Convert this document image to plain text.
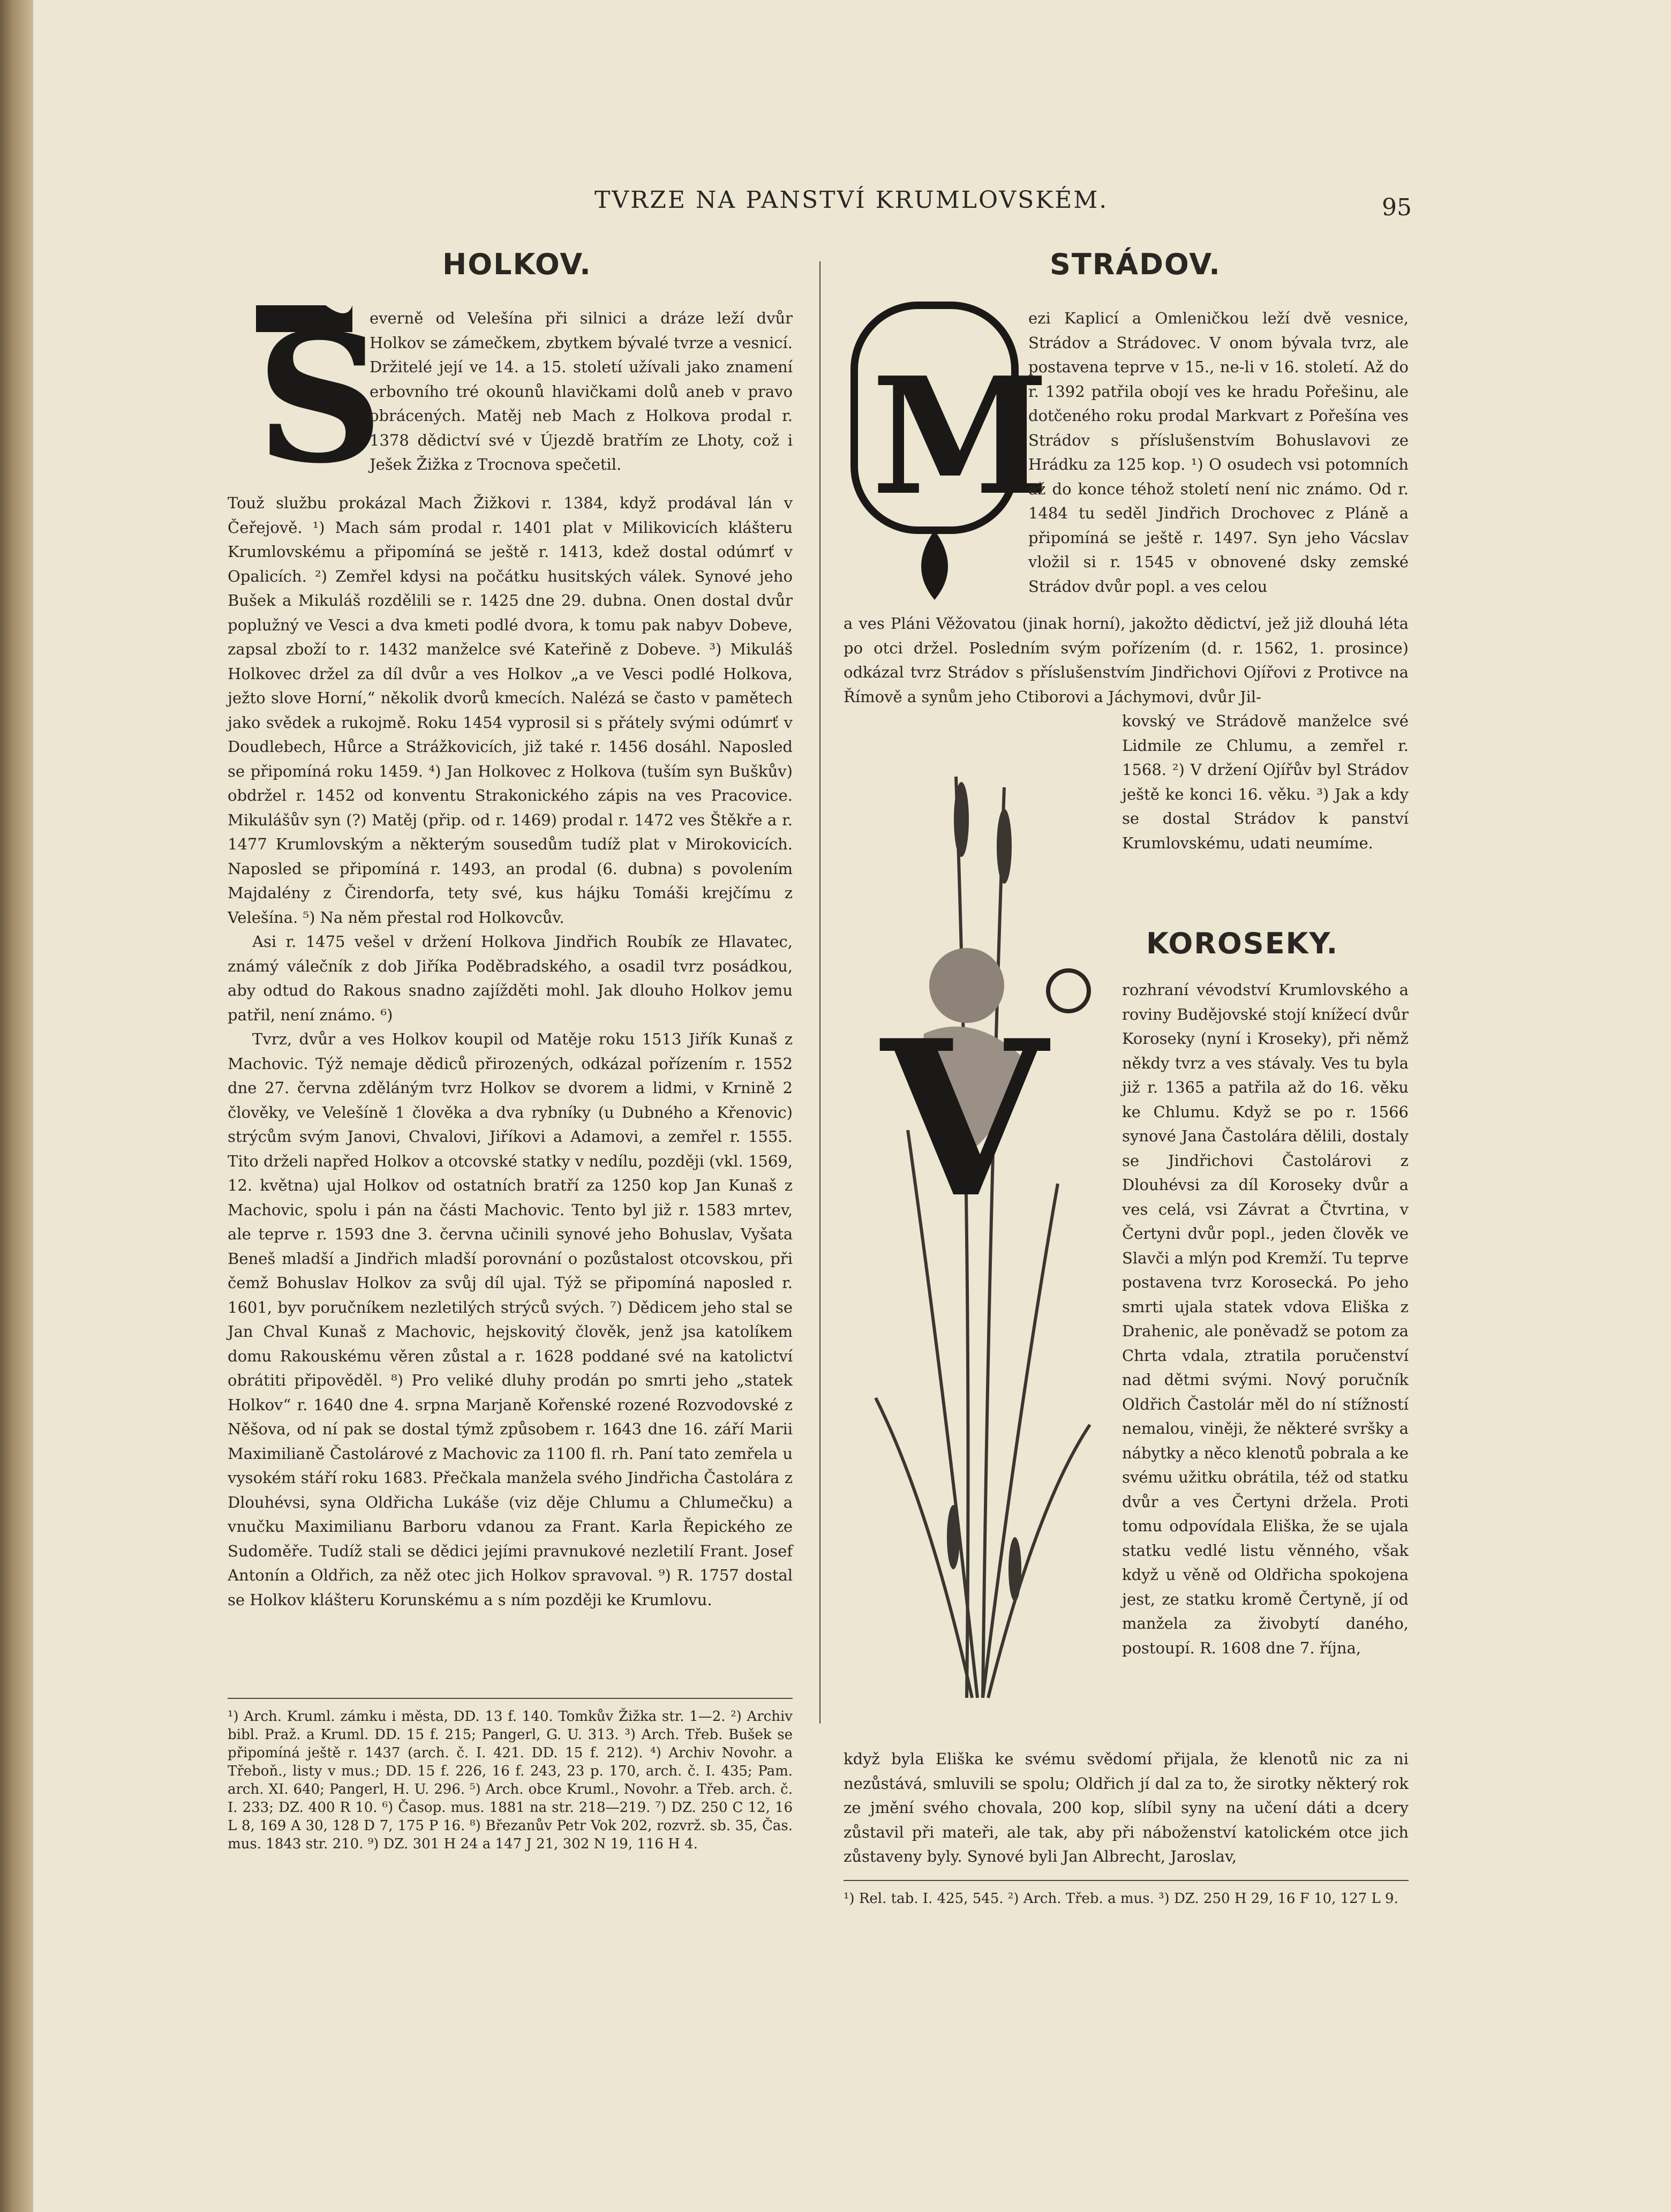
TVRZE NA PANSTVÍ KRUMLOVSKÉM.	95
HOLKOV.
S

everně od Velešína při silnici a dráze leží dvůr Holkov se zámečkem, zbytkem bývalé tvrze a vesnicí. Držitelé její ve 14. a 15. století užívali jako znamení erbovního tré okounů hlavičkami dolů aneb v pravo obrácených. Matěj neb Mach z Holkova prodal r. 1378 dědictví své v Újezdě bratřím ze Lhoty, což i Ješek Žižka z Trocnova spečetil.

Touž službu prokázal Mach Žižkovi r. 1384, když prodával lán v Čeřejově. ¹) Mach sám prodal r. 1401 plat v Milikovicích klášteru Krumlovskému a připomíná se ještě r. 1413, kdež dostal odúmrť v Opalicích. ²) Zemřel kdysi na počátku husitských válek. Synové jeho Bušek a Mikuláš rozdělili se r. 1425 dne 29. dubna. Onen dostal dvůr poplužný ve Vesci a dva kmeti podlé dvora, k tomu pak nabyv Dobeve, zapsal zboží to r. 1432 manželce své Kateřině z Dobeve. ³) Mikuláš Holkovec držel za díl dvůr a ves Holkov „a ve Vesci podlé Holkova, ježto slove Horní,“ několik dvorů kmecích. Nalézá se často v pamětech jako svědek a rukojmě. Roku 1454 vyprosil si s přátely svými odúmrť v Doudlebech, Hůrce a Strážkovicích, již také r. 1456 dosáhl. Naposled se připomíná roku 1459. ⁴) Jan Holkovec z Holkova (tuším syn Buškův) obdržel r. 1452 od konventu Strakonického zápis na ves Pracovice. Mikulášův syn (?) Matěj (přip. od r. 1469) prodal r. 1472 ves Štěkře a r. 1477 Krumlovským a některým sousedům tudíž plat v Mirokovicích. Naposled se připomíná r. 1493, an prodal (6. dubna) s povolením Majdalény z Čirendorfa, tety své, kus hájku Tomáši krejčímu z Velešína. ⁵) Na něm přestal rod Holkovcův.

Asi r. 1475 vešel v držení Holkova Jindřich Roubík ze Hlavatec, známý válečník z dob Jiříka Poděbradského, a osadil tvrz posádkou, aby odtud do Rakous snadno zajížděti mohl. Jak dlouho Holkov jemu patřil, není známo. ⁶)

Tvrz, dvůr a ves Holkov koupil od Matěje roku 1513 Jiřík Kunaš z Machovic. Týž nemaje dědiců přirozených, odkázal pořízením r. 1552 dne 27. června zděláným tvrz Holkov se dvorem a lidmi, v Krnině 2 člověky, ve Velešíně 1 člověka a dva rybníky (u Dubného a Křenovic) strýcům svým Janovi, Chvalovi, Jiříkovi a Adamovi, a zemřel r. 1555. Tito drželi napřed Holkov a otcovské statky v nedílu, později (vkl. 1569, 12. května) ujal Holkov od ostatních bratří za 1250 kop Jan Kunaš z Machovic, spolu i pán na části Machovic. Tento byl již r. 1583 mrtev, ale teprve r. 1593 dne 3. června učinili synové jeho Bohuslav, Vyšata Beneš mladší a Jindřich mladší porovnání o pozůstalost otcovskou, při čemž Bohuslav Holkov za svůj díl ujal. Týž se připomíná naposled r. 1601, byv poručníkem nezletilých strýců svých. ⁷) Dědicem jeho stal se Jan Chval Kunaš z Machovic, hejskovitý člověk, jenž jsa katolíkem domu Rakouskému věren zůstal a r. 1628 poddané své na katolictví obrátiti připověděl. ⁸) Pro veliké dluhy prodán po smrti jeho „statek Holkov“ r. 1640 dne 4. srpna Marjaně Kořenské rozené Rozvodovské z Něšova, od ní pak se dostal týmž způsobem r. 1643 dne 16. září Marii Maximilianě Častolárové z Machovic za 1100 fl. rh. Paní tato zemřela u vysokém stáří roku 1683. Přečkala manžela svého Jindřicha Častolára z Dlouhévsi, syna Oldřicha Lukáše (viz děje Chlumu a Chlumečku) a vnučku Maximilianu Barboru vdanou za Frant. Karla Řepického ze Sudoměře. Tudíž stali se dědici jejími pravnukové nezletilí Frant. Josef Antonín a Oldřich, za něž otec jich Holkov spravoval. ⁹) R. 1757 dostal se Holkov klášteru Korunskému a s ním později ke Krumlovu.

¹) Arch. Kruml. zámku i města, DD. 13 f. 140. Tomkův Žižka str. 1—2. ²) Archiv bibl. Praž. a Kruml. DD. 15 f. 215; Pangerl, G. U. 313. ³) Arch. Třeb. Bušek se připomíná ještě r. 1437 (arch. č. I. 421. DD. 15 f. 212). ⁴) Archiv Novohr. a Třeboň., listy v mus.; DD. 15 f. 226, 16 f. 243, 23 p. 170, arch. č. I. 435; Pam. arch. XI. 640; Pangerl, H. U. 296. ⁵) Arch. obce Kruml., Novohr. a Třeb. arch. č. I. 233; DZ. 400 R 10. ⁶) Časop. mus. 1881 na str. 218—219. ⁷) DZ. 250 C 12, 16 L 8, 169 A 30, 128 D 7, 175 P 16. ⁸) Březanův Petr Vok 202, rozvrž. sb. 35, Čas. mus. 1843 str. 210. ⁹) DZ. 301 H 24 a 147 J 21, 302 N 19, 116 H 4.

STRÁDOV.
M

ezi Kaplicí a Omleničkou leží dvě vesnice, Strádov a Strádovec. V onom bývala tvrz, ale postavena teprve v 15., ne-li v 16. století. Až do r. 1392 patřila obojí ves ke hradu Pořešinu, ale dotčeného roku prodal Markvart z Pořešína ves Strádov s příslušenstvím Bohuslavovi ze Hrádku za 125 kop. ¹) O osudech vsi potomních až do konce téhož století není nic známo. Od r. 1484 tu seděl Jindřich Drochovec z Pláně a připomíná se ještě r. 1497. Syn jeho Vácslav vložil si r. 1545 v obnovené dsky zemské Strádov dvůr popl. a ves celou

a ves Pláni Věžovatou (jinak horní), jakožto dědictví, jež již dlouhá léta po otci držel. Posledním svým pořízením (d. r. 1562, 1. prosince) odkázal tvrz Strádov s příslušenstvím Jindřichovi Ojířovi z Protivce na Římově a synům jeho Ctiborovi a Jáchymovi, dvůr Jil-

kovský ve Strádově manželce své Lidmile ze Chlumu, a zemřel r. 1568. ²) V držení Ojířův byl Strádov ještě ke konci 16. věku. ³) Jak a kdy se dostal Strádov k panství Krumlovskému, udati neumíme.

KOROSEKY.
V

rozhraní vévodství Krumlovského a roviny Budějovské stojí knížecí dvůr Koroseky (nyní i Kroseky), při němž někdy tvrz a ves stávaly. Ves tu byla již r. 1365 a patřila až do 16. věku ke Chlumu. Když se po r. 1566 synové Jana Častolára dělili, dostaly se Jindřichovi Častolárovi z Dlouhévsi za díl Koroseky dvůr a ves celá, vsi Závrat a Čtvrtina, v Čertyni dvůr popl., jeden člověk ve Slavči a mlýn pod Kremží. Tu teprve postavena tvrz Korosecká. Po jeho smrti ujala statek vdova Eliška z Drahenic, ale poněvadž se potom za Chrta vdala, ztratila poručenství nad dětmi svými. Nový poručník Oldřich Častolár měl do ní stížností nemalou, viněji, že některé svršky a nábytky a něco klenotů pobrala a ke svému užitku obrátila, též od statku dvůr a ves Čertyni držela. Proti tomu odpovídala Eliška, že se ujala statku vedlé listu věnného, však když u věně od Oldřicha spokojena jest, ze statku kromě Čertyně, jí od manžela za živobytí daného, postoupí. R. 1608 dne 7. října,

když byla Eliška ke svému svědomí přijala, že klenotů nic za ni nezůstává, smluvili se spolu; Oldřich jí dal za to, že sirotky některý rok ze jmění svého chovala, 200 kop, slíbil syny na učení dáti a dcery zůstavil při mateři, ale tak, aby při náboženství katolickém otce jich zůstaveny byly. Synové byli Jan Albrecht, Jaroslav,

¹) Rel. tab. I. 425, 545. ²) Arch. Třeb. a mus. ³) DZ. 250 H 29, 16 F 10, 127 L 9.
